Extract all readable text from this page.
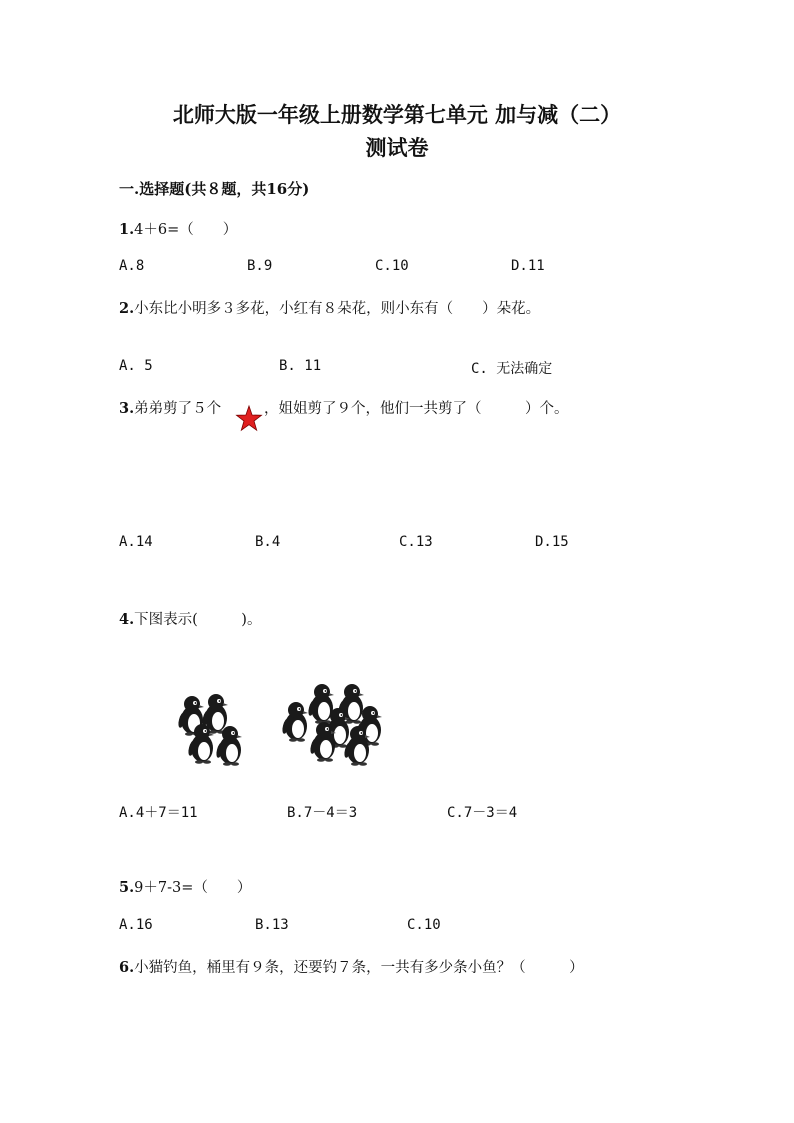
北师大版一年级上册数学第七单元 加与减（二）
测试卷
一.选择题(共８题，共16分)
1.4＋6=（　　）
A.8	B.9	C.10	D.11
2.小东比小明多３多花，小红有８朵花，则小东有（　　）朵花。
A. 5	B. 11	C. 无法确定
3.弟弟剪了５个	，姐姐剪了９个，他们一共剪了（　　　）个。
A.14	B.4	C.13	D.15
4.下图表示(　　　)。
A.4＋7＝11	B.7－4＝3	C.7－3＝4
5.9＋7-3=（　　）
A.16	B.13	C.10
6.小猫钓鱼，桶里有９条，还要钓７条，一共有多少条小鱼？（　　　）
